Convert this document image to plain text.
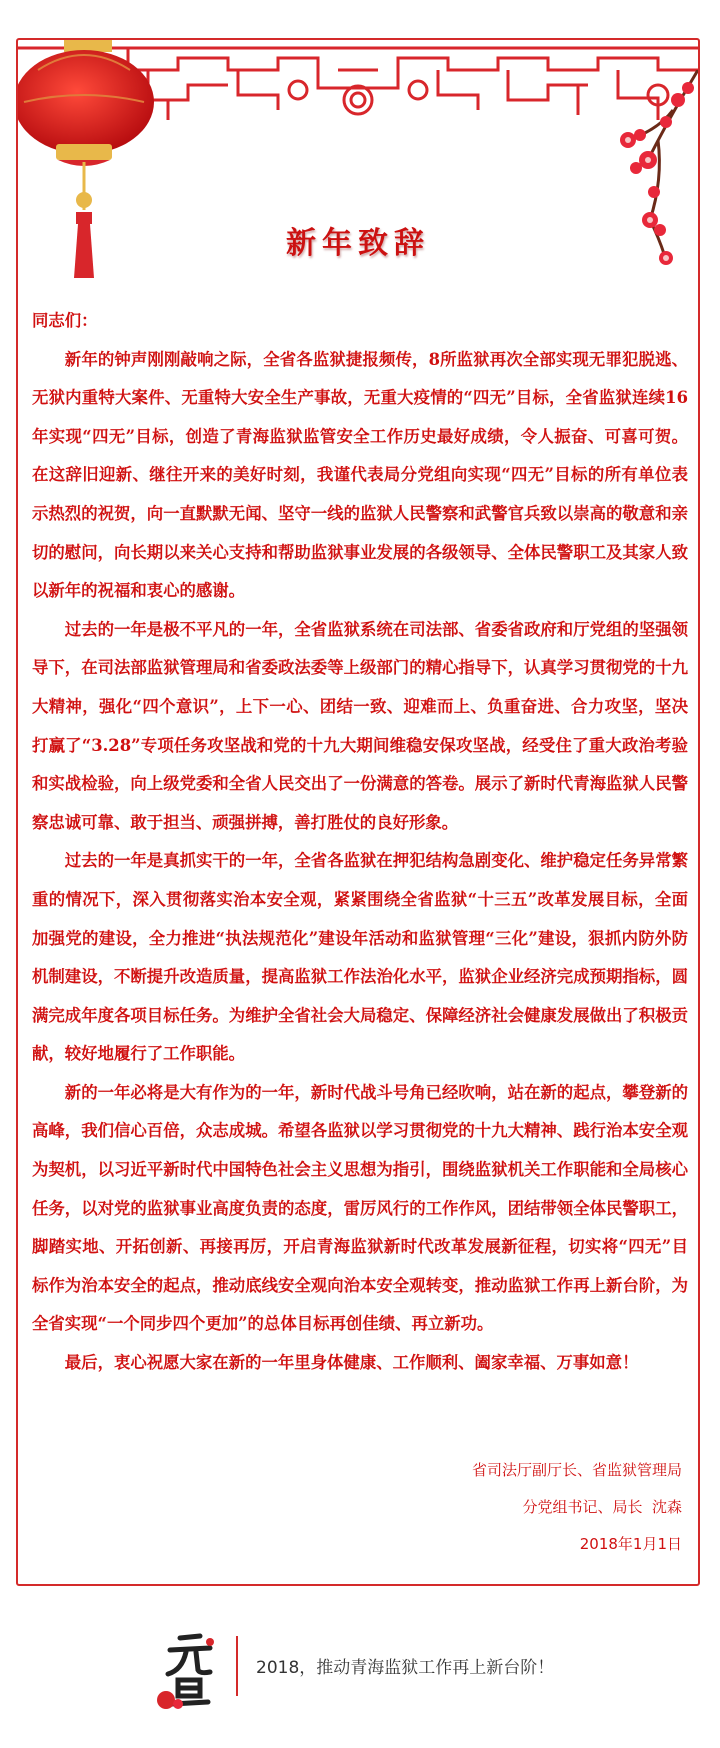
新年致辞

同志们：

新年的钟声刚刚敲响之际，全省各监狱捷报频传，8所监狱再次全部实现无罪犯脱逃、无狱内重特大案件、无重特大安全生产事故，无重大疫情的“四无”目标，全省监狱连续16年实现“四无”目标，创造了青海监狱监管安全工作历史最好成绩，令人振奋、可喜可贺。在这辞旧迎新、继往开来的美好时刻，我谨代表局分党组向实现“四无”目标的所有单位表示热烈的祝贺，向一直默默无闻、坚守一线的监狱人民警察和武警官兵致以崇高的敬意和亲切的慰问，向长期以来关心支持和帮助监狱事业发展的各级领导、全体民警职工及其家人致以新年的祝福和衷心的感谢。

过去的一年是极不平凡的一年，全省监狱系统在司法部、省委省政府和厅党组的坚强领导下，在司法部监狱管理局和省委政法委等上级部门的精心指导下，认真学习贯彻党的十九大精神，强化“四个意识”，上下一心、团结一致、迎难而上、负重奋进、合力攻坚，坚决打赢了“3.28”专项任务攻坚战和党的十九大期间维稳安保攻坚战，经受住了重大政治考验和实战检验，向上级党委和全省人民交出了一份满意的答卷。展示了新时代青海监狱人民警察忠诚可靠、敢于担当、顽强拼搏，善打胜仗的良好形象。

过去的一年是真抓实干的一年，全省各监狱在押犯结构急剧变化、维护稳定任务异常繁重的情况下，深入贯彻落实治本安全观，紧紧围绕全省监狱“十三五”改革发展目标，全面加强党的建设，全力推进“执法规范化”建设年活动和监狱管理“三化”建设，狠抓内防外防机制建设，不断提升改造质量，提高监狱工作法治化水平，监狱企业经济完成预期指标，圆满完成年度各项目标任务。为维护全省社会大局稳定、保障经济社会健康发展做出了积极贡献，较好地履行了工作职能。

新的一年必将是大有作为的一年，新时代战斗号角已经吹响，站在新的起点，攀登新的高峰，我们信心百倍，众志成城。希望各监狱以学习贯彻党的十九大精神、践行治本安全观为契机，以习近平新时代中国特色社会主义思想为指引，围绕监狱机关工作职能和全局核心任务，以对党的监狱事业高度负责的态度，雷厉风行的工作作风，团结带领全体民警职工，脚踏实地、开拓创新、再接再厉，开启青海监狱新时代改革发展新征程，切实将“四无”目标作为治本安全的起点，推动底线安全观向治本安全观转变，推动监狱工作再上新台阶，为全省实现“一个同步四个更加”的总体目标再创佳绩、再立新功。

最后，衷心祝愿大家在新的一年里身体健康、工作顺利、阖家幸福、万事如意！

省司法厅副厅长、省监狱管理局
分党组书记、局长  沈森
2018年1月1日
2018，推动青海监狱工作再上新台阶！
